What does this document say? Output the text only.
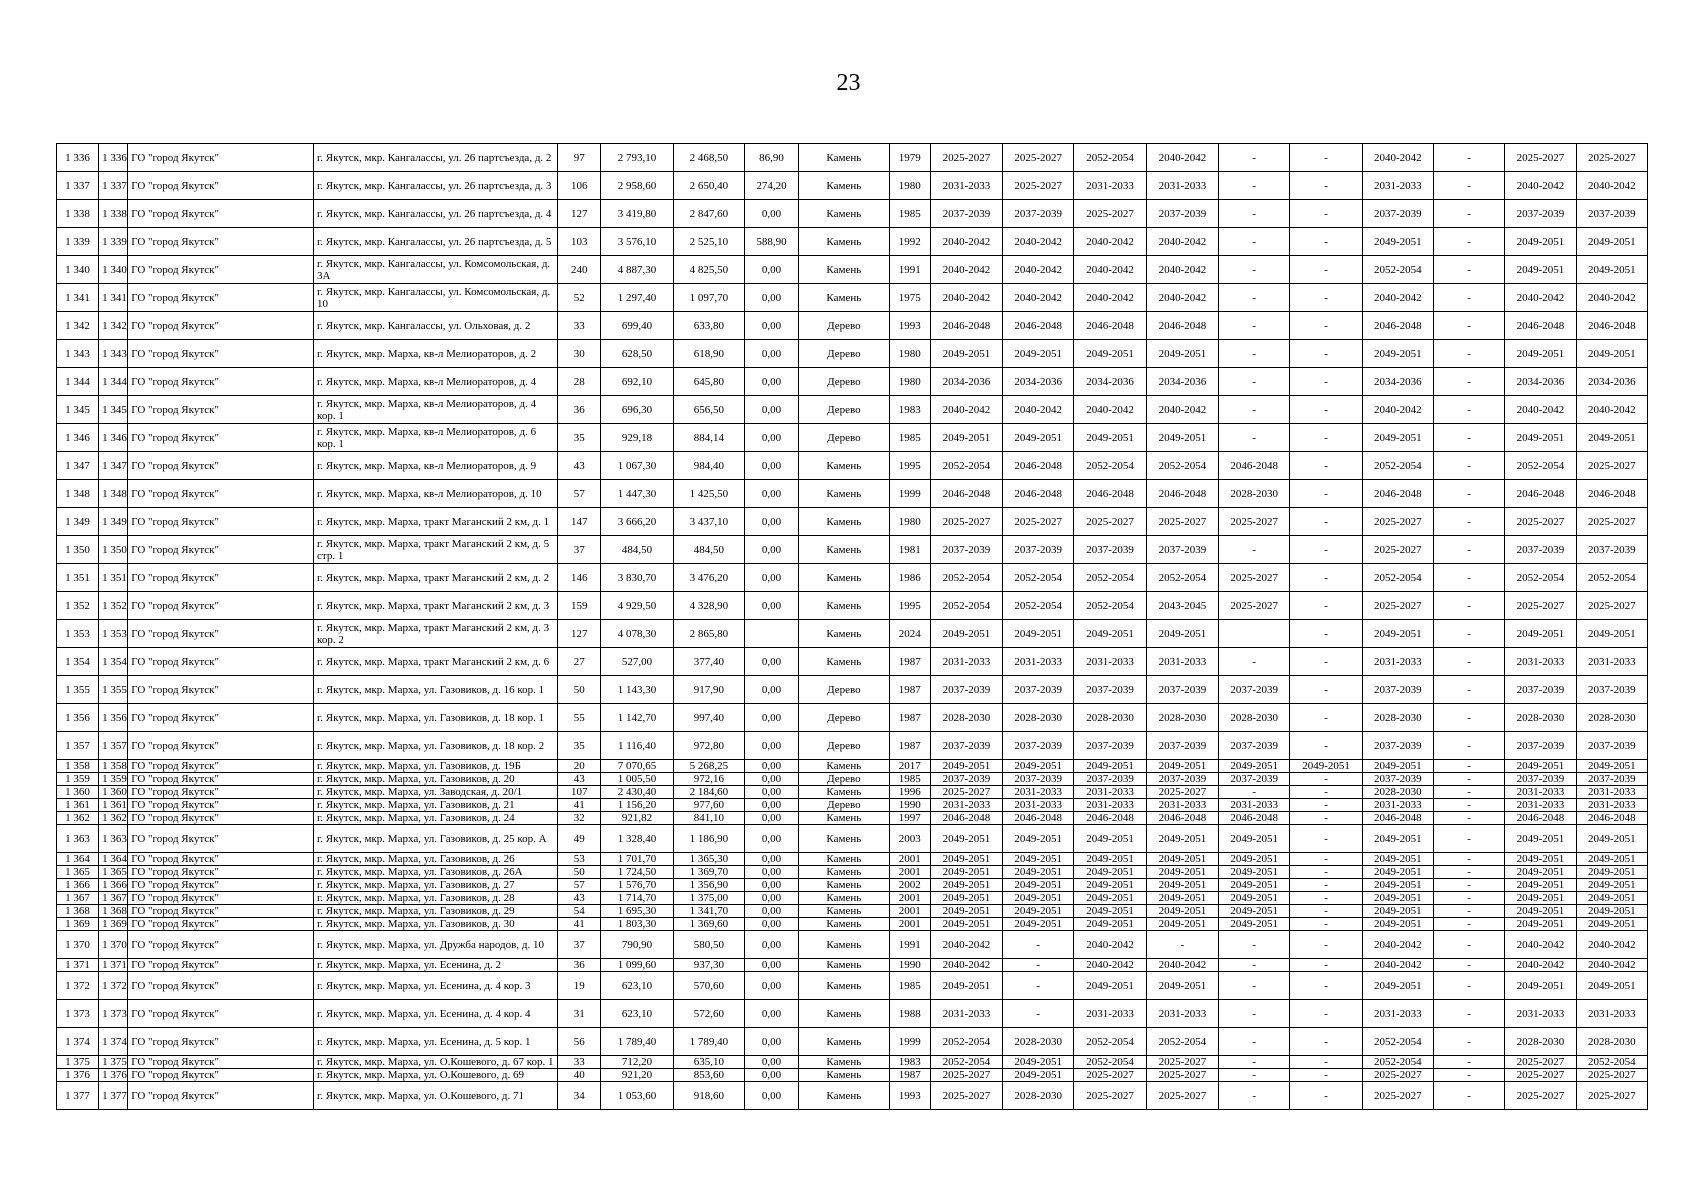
23
1 336	1 336	ГО "город Якутск"	г. Якутск, мкр. Кангалассы, ул. 26 партсъезда, д. 2	97	2 793,10	2 468,50	86,90	Камень	1979	2025-2027	2025-2027	2052-2054	2040-2042	-	-	2040-2042	-	2025-2027	2025-2027
1 337	1 337	ГО "город Якутск"	г. Якутск, мкр. Кангалассы, ул. 26 партсъезда, д. 3	106	2 958,60	2 650,40	274,20	Камень	1980	2031-2033	2025-2027	2031-2033	2031-2033	-	-	2031-2033	-	2040-2042	2040-2042
1 338	1 338	ГО "город Якутск"	г. Якутск, мкр. Кангалассы, ул. 26 партсъезда, д. 4	127	3 419,80	2 847,60	0,00	Камень	1985	2037-2039	2037-2039	2025-2027	2037-2039	-	-	2037-2039	-	2037-2039	2037-2039
1 339	1 339	ГО "город Якутск"	г. Якутск, мкр. Кангалассы, ул. 26 партсъезда, д. 5	103	3 576,10	2 525,10	588,90	Камень	1992	2040-2042	2040-2042	2040-2042	2040-2042	-	-	2049-2051	-	2049-2051	2049-2051
1 340	1 340	ГО "город Якутск"	г. Якутск, мкр. Кангалассы, ул. Комсомольская, д. 3А	240	4 887,30	4 825,50	0,00	Камень	1991	2040-2042	2040-2042	2040-2042	2040-2042	-	-	2052-2054	-	2049-2051	2049-2051
1 341	1 341	ГО "город Якутск"	г. Якутск, мкр. Кангалассы, ул. Комсомольская, д. 10	52	1 297,40	1 097,70	0,00	Камень	1975	2040-2042	2040-2042	2040-2042	2040-2042	-	-	2040-2042	-	2040-2042	2040-2042
1 342	1 342	ГО "город Якутск"	г. Якутск, мкр. Кангалассы, ул. Ольховая, д. 2	33	699,40	633,80	0,00	Дерево	1993	2046-2048	2046-2048	2046-2048	2046-2048	-	-	2046-2048	-	2046-2048	2046-2048
1 343	1 343	ГО "город Якутск"	г. Якутск, мкр. Марха, кв-л Мелиораторов, д. 2	30	628,50	618,90	0,00	Дерево	1980	2049-2051	2049-2051	2049-2051	2049-2051	-	-	2049-2051	-	2049-2051	2049-2051
1 344	1 344	ГО "город Якутск"	г. Якутск, мкр. Марха, кв-л Мелиораторов, д. 4	28	692,10	645,80	0,00	Дерево	1980	2034-2036	2034-2036	2034-2036	2034-2036	-	-	2034-2036	-	2034-2036	2034-2036
1 345	1 345	ГО "город Якутск"	г. Якутск, мкр. Марха, кв-л Мелиораторов, д. 4 кор. 1	36	696,30	656,50	0,00	Дерево	1983	2040-2042	2040-2042	2040-2042	2040-2042	-	-	2040-2042	-	2040-2042	2040-2042
1 346	1 346	ГО "город Якутск"	г. Якутск, мкр. Марха, кв-л Мелиораторов, д. 6 кор. 1	35	929,18	884,14	0,00	Дерево	1985	2049-2051	2049-2051	2049-2051	2049-2051	-	-	2049-2051	-	2049-2051	2049-2051
1 347	1 347	ГО "город Якутск"	г. Якутск, мкр. Марха, кв-л Мелиораторов, д. 9	43	1 067,30	984,40	0,00	Камень	1995	2052-2054	2046-2048	2052-2054	2052-2054	2046-2048	-	2052-2054	-	2052-2054	2025-2027
1 348	1 348	ГО "город Якутск"	г. Якутск, мкр. Марха, кв-л Мелиораторов, д. 10	57	1 447,30	1 425,50	0,00	Камень	1999	2046-2048	2046-2048	2046-2048	2046-2048	2028-2030	-	2046-2048	-	2046-2048	2046-2048
1 349	1 349	ГО "город Якутск"	г. Якутск, мкр. Марха, тракт Маганский 2 км, д. 1	147	3 666,20	3 437,10	0,00	Камень	1980	2025-2027	2025-2027	2025-2027	2025-2027	2025-2027	-	2025-2027	-	2025-2027	2025-2027
1 350	1 350	ГО "город Якутск"	г. Якутск, мкр. Марха, тракт Маганский 2 км, д. 5 стр. 1	37	484,50	484,50	0,00	Камень	1981	2037-2039	2037-2039	2037-2039	2037-2039	-	-	2025-2027	-	2037-2039	2037-2039
1 351	1 351	ГО "город Якутск"	г. Якутск, мкр. Марха, тракт Маганский 2 км, д. 2	146	3 830,70	3 476,20	0,00	Камень	1986	2052-2054	2052-2054	2052-2054	2052-2054	2025-2027	-	2052-2054	-	2052-2054	2052-2054
1 352	1 352	ГО "город Якутск"	г. Якутск, мкр. Марха, тракт Маганский 2 км, д. 3	159	4 929,50	4 328,90	0,00	Камень	1995	2052-2054	2052-2054	2052-2054	2043-2045	2025-2027	-	2025-2027	-	2025-2027	2025-2027
1 353	1 353	ГО "город Якутск"	г. Якутск, мкр. Марха, тракт Маганский 2 км, д. 3 кор. 2	127	4 078,30	2 865,80		Камень	2024	2049-2051	2049-2051	2049-2051	2049-2051		-	2049-2051	-	2049-2051	2049-2051
1 354	1 354	ГО "город Якутск"	г. Якутск, мкр. Марха, тракт Маганский 2 км, д. 6	27	527,00	377,40	0,00	Камень	1987	2031-2033	2031-2033	2031-2033	2031-2033	-	-	2031-2033	-	2031-2033	2031-2033
1 355	1 355	ГО "город Якутск"	г. Якутск, мкр. Марха, ул. Газовиков, д. 16 кор. 1	50	1 143,30	917,90	0,00	Дерево	1987	2037-2039	2037-2039	2037-2039	2037-2039	2037-2039	-	2037-2039	-	2037-2039	2037-2039
1 356	1 356	ГО "город Якутск"	г. Якутск, мкр. Марха, ул. Газовиков, д. 18 кор. 1	55	1 142,70	997,40	0,00	Дерево	1987	2028-2030	2028-2030	2028-2030	2028-2030	2028-2030	-	2028-2030	-	2028-2030	2028-2030
1 357	1 357	ГО "город Якутск"	г. Якутск, мкр. Марха, ул. Газовиков, д. 18 кор. 2	35	1 116,40	972,80	0,00	Дерево	1987	2037-2039	2037-2039	2037-2039	2037-2039	2037-2039	-	2037-2039	-	2037-2039	2037-2039
1 358	1 358	ГО "город Якутск"	г. Якутск, мкр. Марха, ул. Газовиков, д. 19Б	20	7 070,65	5 268,25	0,00	Камень	2017	2049-2051	2049-2051	2049-2051	2049-2051	2049-2051	2049-2051	2049-2051	-	2049-2051	2049-2051
1 359	1 359	ГО "город Якутск"	г. Якутск, мкр. Марха, ул. Газовиков, д. 20	43	1 005,50	972,16	0,00	Дерево	1985	2037-2039	2037-2039	2037-2039	2037-2039	2037-2039	-	2037-2039	-	2037-2039	2037-2039
1 360	1 360	ГО "город Якутск"	г. Якутск, мкр. Марха, ул. Заводская, д. 20/1	107	2 430,40	2 184,60	0,00	Камень	1996	2025-2027	2031-2033	2031-2033	2025-2027	-	-	2028-2030	-	2031-2033	2031-2033
1 361	1 361	ГО "город Якутск"	г. Якутск, мкр. Марха, ул. Газовиков, д. 21	41	1 156,20	977,60	0,00	Дерево	1990	2031-2033	2031-2033	2031-2033	2031-2033	2031-2033	-	2031-2033	-	2031-2033	2031-2033
1 362	1 362	ГО "город Якутск"	г. Якутск, мкр. Марха, ул. Газовиков, д. 24	32	921,82	841,10	0,00	Камень	1997	2046-2048	2046-2048	2046-2048	2046-2048	2046-2048	-	2046-2048	-	2046-2048	2046-2048
1 363	1 363	ГО "город Якутск"	г. Якутск, мкр. Марха, ул. Газовиков, д. 25 кор. А	49	1 328,40	1 186,90	0,00	Камень	2003	2049-2051	2049-2051	2049-2051	2049-2051	2049-2051	-	2049-2051	-	2049-2051	2049-2051
1 364	1 364	ГО "город Якутск"	г. Якутск, мкр. Марха, ул. Газовиков, д. 26	53	1 701,70	1 365,30	0,00	Камень	2001	2049-2051	2049-2051	2049-2051	2049-2051	2049-2051	-	2049-2051	-	2049-2051	2049-2051
1 365	1 365	ГО "город Якутск"	г. Якутск, мкр. Марха, ул. Газовиков, д. 26А	50	1 724,50	1 369,70	0,00	Камень	2001	2049-2051	2049-2051	2049-2051	2049-2051	2049-2051	-	2049-2051	-	2049-2051	2049-2051
1 366	1 366	ГО "город Якутск"	г. Якутск, мкр. Марха, ул. Газовиков, д. 27	57	1 576,70	1 356,90	0,00	Камень	2002	2049-2051	2049-2051	2049-2051	2049-2051	2049-2051	-	2049-2051	-	2049-2051	2049-2051
1 367	1 367	ГО "город Якутск"	г. Якутск, мкр. Марха, ул. Газовиков, д. 28	43	1 714,70	1 375,00	0,00	Камень	2001	2049-2051	2049-2051	2049-2051	2049-2051	2049-2051	-	2049-2051	-	2049-2051	2049-2051
1 368	1 368	ГО "город Якутск"	г. Якутск, мкр. Марха, ул. Газовиков, д. 29	54	1 695,30	1 341,70	0,00	Камень	2001	2049-2051	2049-2051	2049-2051	2049-2051	2049-2051	-	2049-2051	-	2049-2051	2049-2051
1 369	1 369	ГО "город Якутск"	г. Якутск, мкр. Марха, ул. Газовиков, д. 30	41	1 803,30	1 369,60	0,00	Камень	2001	2049-2051	2049-2051	2049-2051	2049-2051	2049-2051	-	2049-2051	-	2049-2051	2049-2051
1 370	1 370	ГО "город Якутск"	г. Якутск, мкр. Марха, ул. Дружба народов, д. 10	37	790,90	580,50	0,00	Камень	1991	2040-2042	-	2040-2042	-	-	-	2040-2042	-	2040-2042	2040-2042
1 371	1 371	ГО "город Якутск"	г. Якутск, мкр. Марха, ул. Есенина, д. 2	36	1 099,60	937,30	0,00	Камень	1990	2040-2042	-	2040-2042	2040-2042	-	-	2040-2042	-	2040-2042	2040-2042
1 372	1 372	ГО "город Якутск"	г. Якутск, мкр. Марха, ул. Есенина, д. 4 кор. 3	19	623,10	570,60	0,00	Камень	1985	2049-2051	-	2049-2051	2049-2051	-	-	2049-2051	-	2049-2051	2049-2051
1 373	1 373	ГО "город Якутск"	г. Якутск, мкр. Марха, ул. Есенина, д. 4 кор. 4	31	623,10	572,60	0,00	Камень	1988	2031-2033	-	2031-2033	2031-2033	-	-	2031-2033	-	2031-2033	2031-2033
1 374	1 374	ГО "город Якутск"	г. Якутск, мкр. Марха, ул. Есенина, д. 5 кор. 1	56	1 789,40	1 789,40	0,00	Камень	1999	2052-2054	2028-2030	2052-2054	2052-2054	-	-	2052-2054	-	2028-2030	2028-2030
1 375	1 375	ГО "город Якутск"	г. Якутск, мкр. Марха, ул. О.Кошевого, д. 67 кор. 1	33	712,20	635,10	0,00	Камень	1983	2052-2054	2049-2051	2052-2054	2025-2027	-	-	2052-2054	-	2025-2027	2052-2054
1 376	1 376	ГО "город Якутск"	г. Якутск, мкр. Марха, ул. О.Кошевого, д. 69	40	921,20	853,60	0,00	Камень	1987	2025-2027	2049-2051	2025-2027	2025-2027	-	-	2025-2027	-	2025-2027	2025-2027
1 377	1 377	ГО "город Якутск"	г. Якутск, мкр. Марха, ул. О.Кошевого, д. 71	34	1 053,60	918,60	0,00	Камень	1993	2025-2027	2028-2030	2025-2027	2025-2027	-	-	2025-2027	-	2025-2027	2025-2027
